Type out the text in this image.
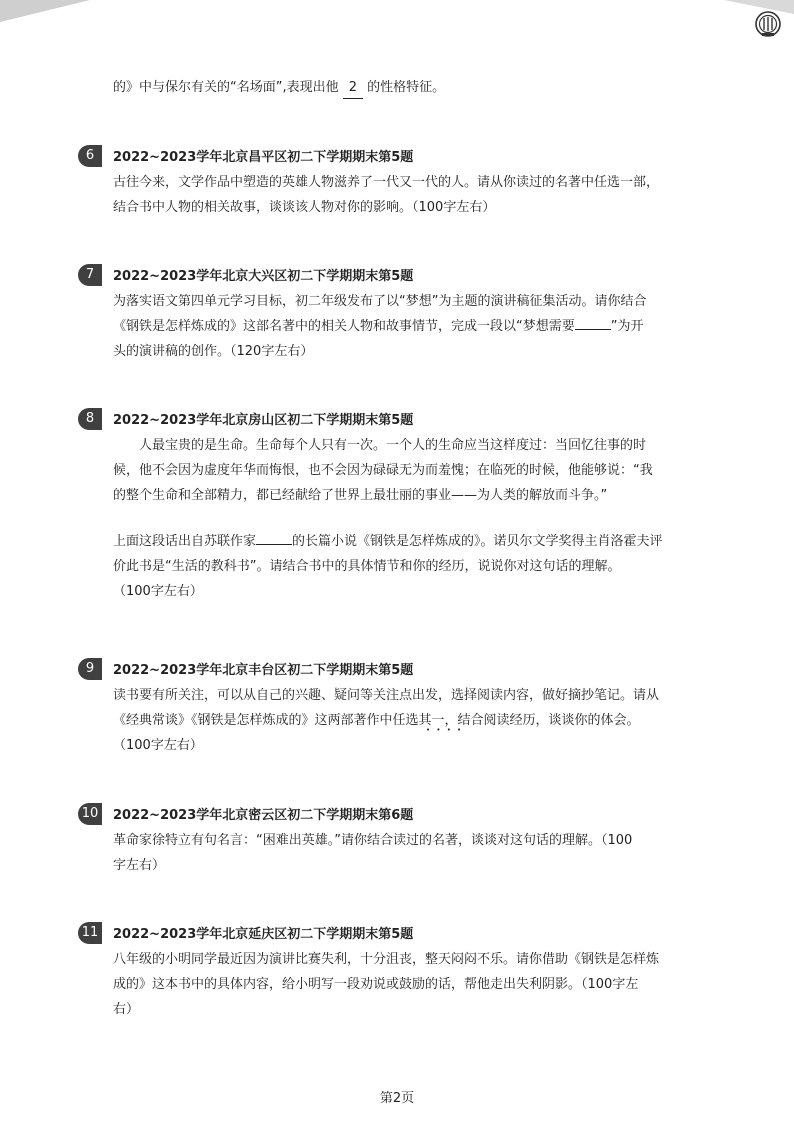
的》中与保尔有关的“名场面”,表现出他 2 的性格特征。
6	2022~2023学年北京昌平区初二下学期期末第5题
古往今来，文学作品中塑造的英雄人物滋养了一代又一代的人。请从你读过的名著中任选一部，
结合书中人物的相关故事，谈谈该人物对你的影响。（100字左右）
7	2022~2023学年北京大兴区初二下学期期末第5题
为落实语文第四单元学习目标，初二年级发布了以“梦想”为主题的演讲稿征集活动。请你结合
《钢铁是怎样炼成的》这部名著中的相关人物和故事情节，完成一段以“梦想需要	”为开
头的演讲稿的创作。（120字左右）
8	2022~2023学年北京房山区初二下学期期末第5题
人最宝贵的是生命。生命每个人只有一次。一个人的生命应当这样度过：当回忆往事的时
候，他不会因为虚度年华而悔恨，也不会因为碌碌无为而羞愧；在临死的时候，他能够说：“我
的整个生命和全部精力，都已经献给了世界上最壮丽的事业——为人类的解放而斗争。”
上面这段话出自苏联作家	的长篇小说《钢铁是怎样炼成的》。诺贝尔文学奖得主肖洛霍夫评
价此书是“生活的教科书”。请结合书中的具体情节和你的经历，说说你对这句话的理解。
（100字左右）
9	2022~2023学年北京丰台区初二下学期期末第5题
读书要有所关注，可以从自己的兴趣、疑问等关注点出发，选择阅读内容，做好摘抄笔记。请从
《经典常谈》《钢铁是怎样炼成的》这两部著作中任选其一，结合阅读经历，谈谈你的体会。
（100字左右）
• • • •
10 2022~2023学年北京密云区初二下学期期末第6题
革命家徐特立有句名言：“困难出英雄。”请你结合读过的名著，谈谈对这句话的理解。（100
字左右）
11 2022~2023学年北京延庆区初二下学期期末第5题
八年级的小明同学最近因为演讲比赛失利，十分沮丧，整天闷闷不乐。请你借助《钢铁是怎样炼
成的》这本书中的具体内容，给小明写一段劝说或鼓励的话，帮他走出失利阴影。（100字左
右）
第2页
